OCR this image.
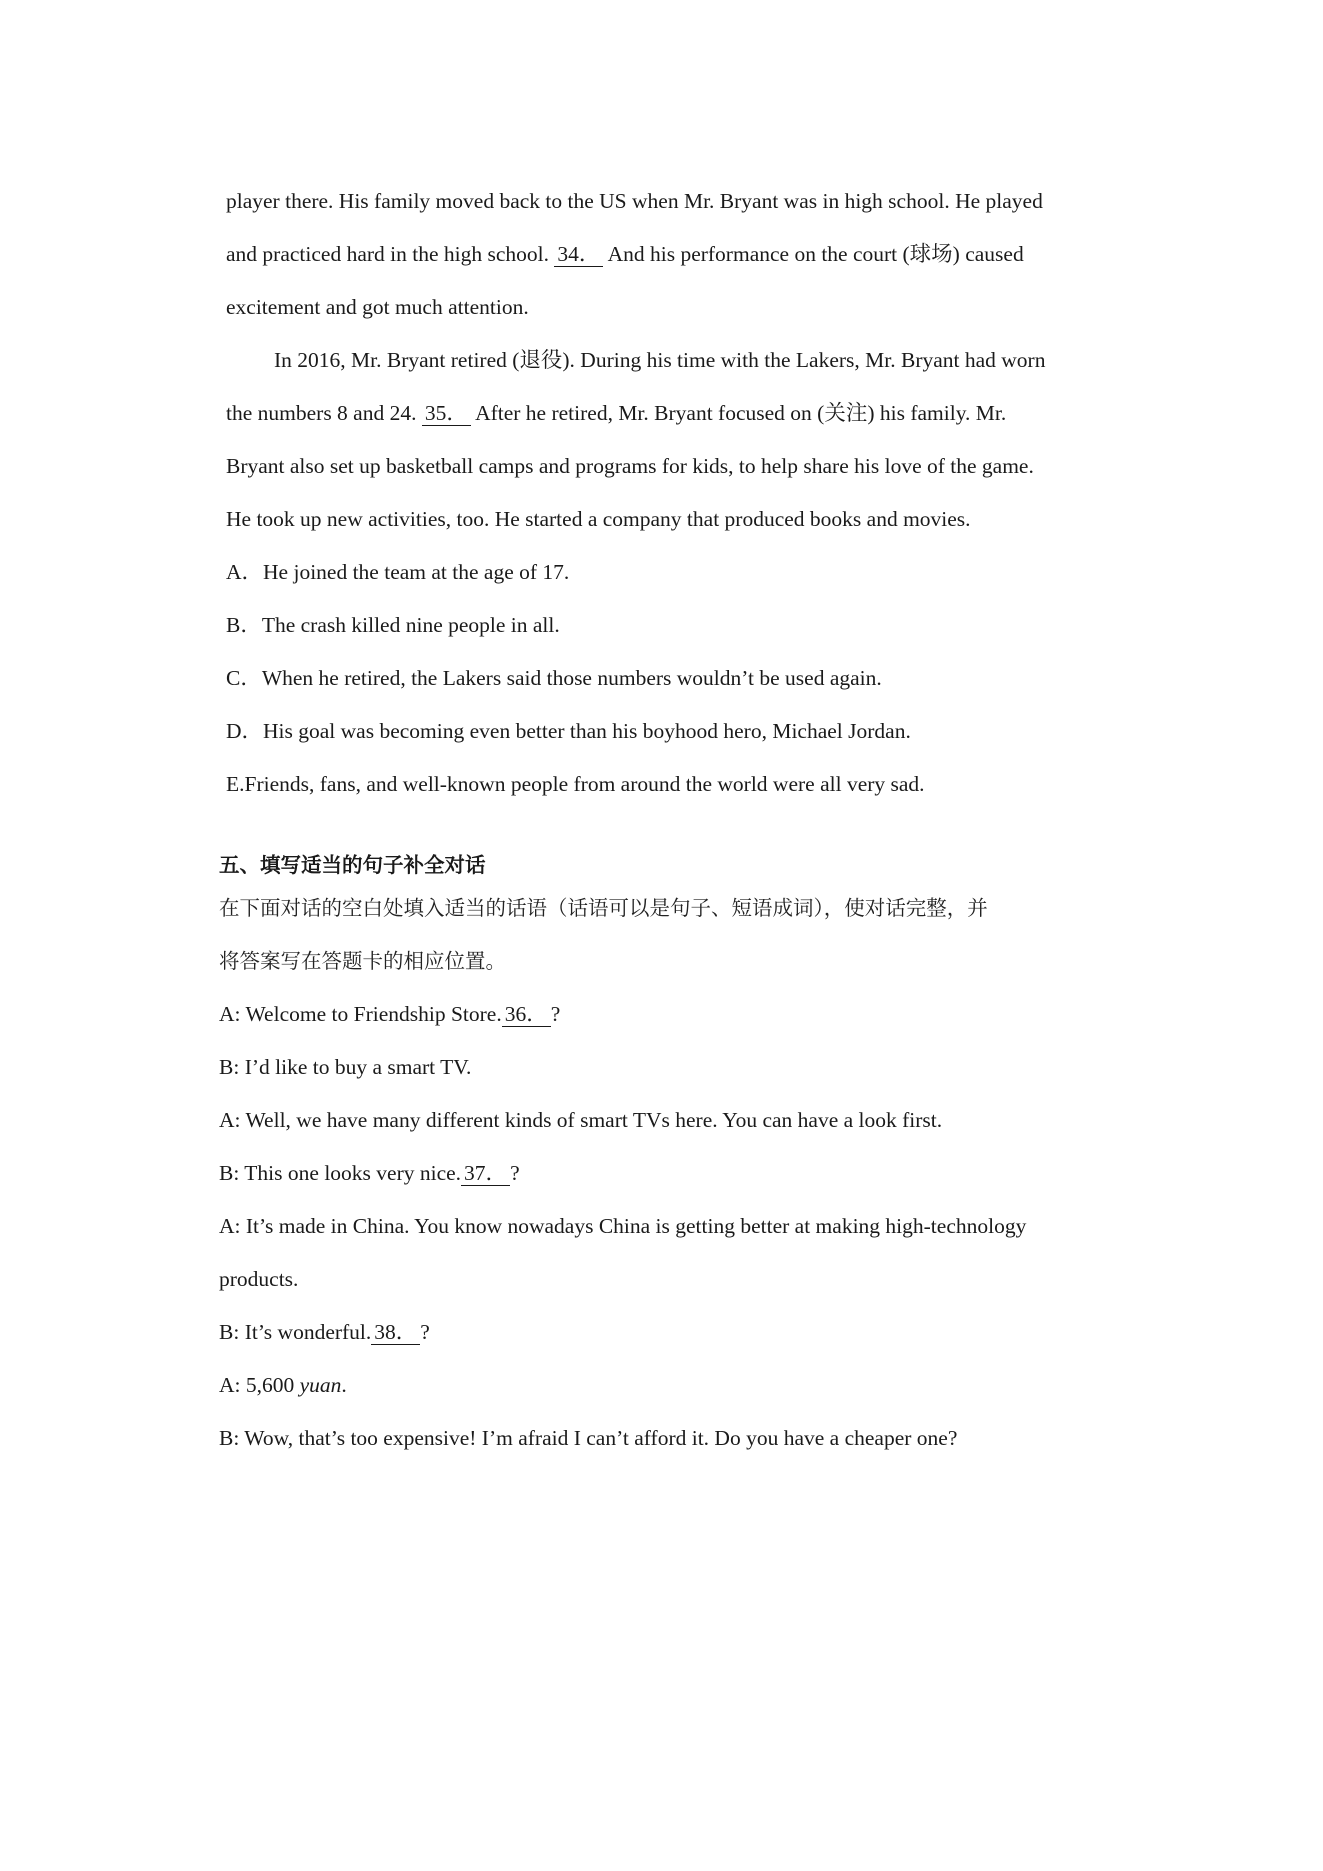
player there. His family moved back to the US when Mr. Bryant was in high school. He played
and practiced hard in the high school. 34． And his performance on the court (球场) caused
excitement and got much attention.
In 2016, Mr. Bryant retired (退役). During his time with the Lakers, Mr. Bryant had worn
the numbers 8 and 24. 35． After he retired, Mr. Bryant focused on (关注) his family. Mr.
Bryant also set up basketball camps and programs for kids, to help share his love of the game.
He took up new activities, too. He started a company that produced books and movies.
A．He joined the team at the age of 17.
B．The crash killed nine people in all.
C．When he retired, the Lakers said those numbers wouldn’t be used again.
D．His goal was becoming even better than his boyhood hero, Michael Jordan.
E.Friends, fans, and well-known people from around the world were all very sad.
五、填写适当的句子补全对话
在下面对话的空白处填入适当的话语（话语可以是句子、短语成词），使对话完整，并
将答案写在答题卡的相应位置。
A: Welcome to Friendship Store. 36． ?
B: I’d like to buy a smart TV.
A: Well, we have many different kinds of smart TVs here. You can have a look first.
B: This one looks very nice. 37． ?
A: It’s made in China. You know nowadays China is getting better at making high-technology
products.
B: It’s wonderful. 38． ?
A: 5,600 yuan.
B: Wow, that’s too expensive! I’m afraid I can’t afford it. Do you have a cheaper one?
